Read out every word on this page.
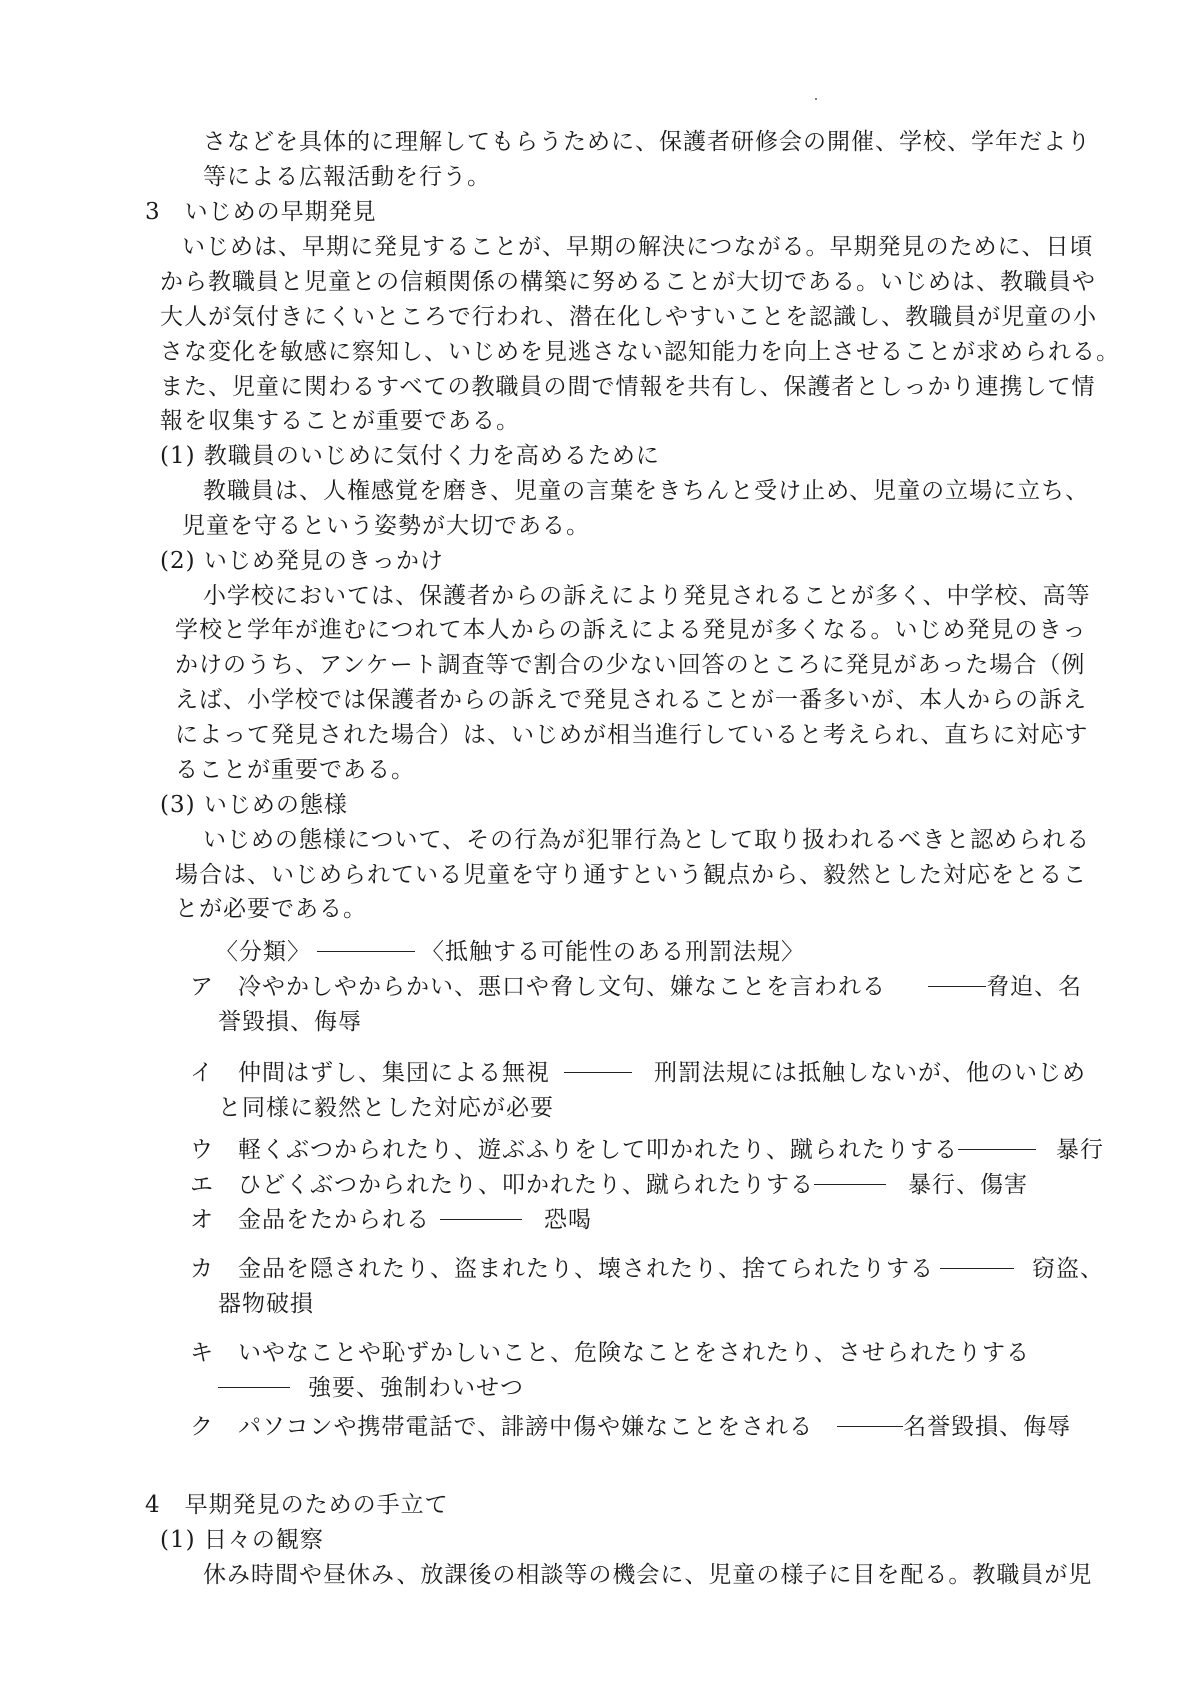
さなどを具体的に理解してもらうために、保護者研修会の開催、学校、学年だより
等による広報活動を行う。
3　いじめの早期発見
いじめは、早期に発見することが、早期の解決につながる。早期発見のために、日頃
から教職員と児童との信頼関係の構築に努めることが大切である。いじめは、教職員や
大人が気付きにくいところで行われ、潜在化しやすいことを認識し、教職員が児童の小
さな変化を敏感に察知し、いじめを見逃さない認知能力を向上させることが求められる。
また、児童に関わるすべての教職員の間で情報を共有し、保護者としっかり連携して情
報を収集することが重要である。
(1) 教職員のいじめに気付く力を高めるために
教職員は、人権感覚を磨き、児童の言葉をきちんと受け止め、児童の立場に立ち、
児童を守るという姿勢が大切である。
(2) いじめ発見のきっかけ
小学校においては、保護者からの訴えにより発見されることが多く、中学校、高等
学校と学年が進むにつれて本人からの訴えによる発見が多くなる。いじめ発見のきっ
かけのうち、アンケート調査等で割合の少ない回答のところに発見があった場合（例
えば、小学校では保護者からの訴えで発見されることが一番多いが、本人からの訴え
によって発見された場合）は、いじめが相当進行していると考えられ、直ちに対応す
ることが重要である。
(3) いじめの態様
いじめの態様について、その行為が犯罪行為として取り扱われるべきと認められる
場合は、いじめられている児童を守り通すという観点から、毅然とした対応をとるこ
とが必要である。
〈分類〉	〈抵触する可能性のある刑罰法規〉
ア　冷やかしやからかい、悪口や脅し文句、嫌なことを言われる	脅迫、名
誉毀損、侮辱
イ　仲間はずし、集団による無視	刑罰法規には抵触しないが、他のいじめ
と同様に毅然とした対応が必要
ウ　軽くぶつかられたり、遊ぶふりをして叩かれたり、蹴られたりする	暴行
エ　ひどくぶつかられたり、叩かれたり、蹴られたりする	暴行、傷害
オ　金品をたかられる	恐喝
カ　金品を隠されたり、盗まれたり、壊されたり、捨てられたりする	窃盗、
器物破損
キ　いやなことや恥ずかしいこと、危険なことをされたり、させられたりする
強要、強制わいせつ
ク　パソコンや携帯電話で、誹謗中傷や嫌なことをされる	名誉毀損、侮辱
4　早期発見のための手立て
(1) 日々の観察
休み時間や昼休み、放課後の相談等の機会に、児童の様子に目を配る。教職員が児
